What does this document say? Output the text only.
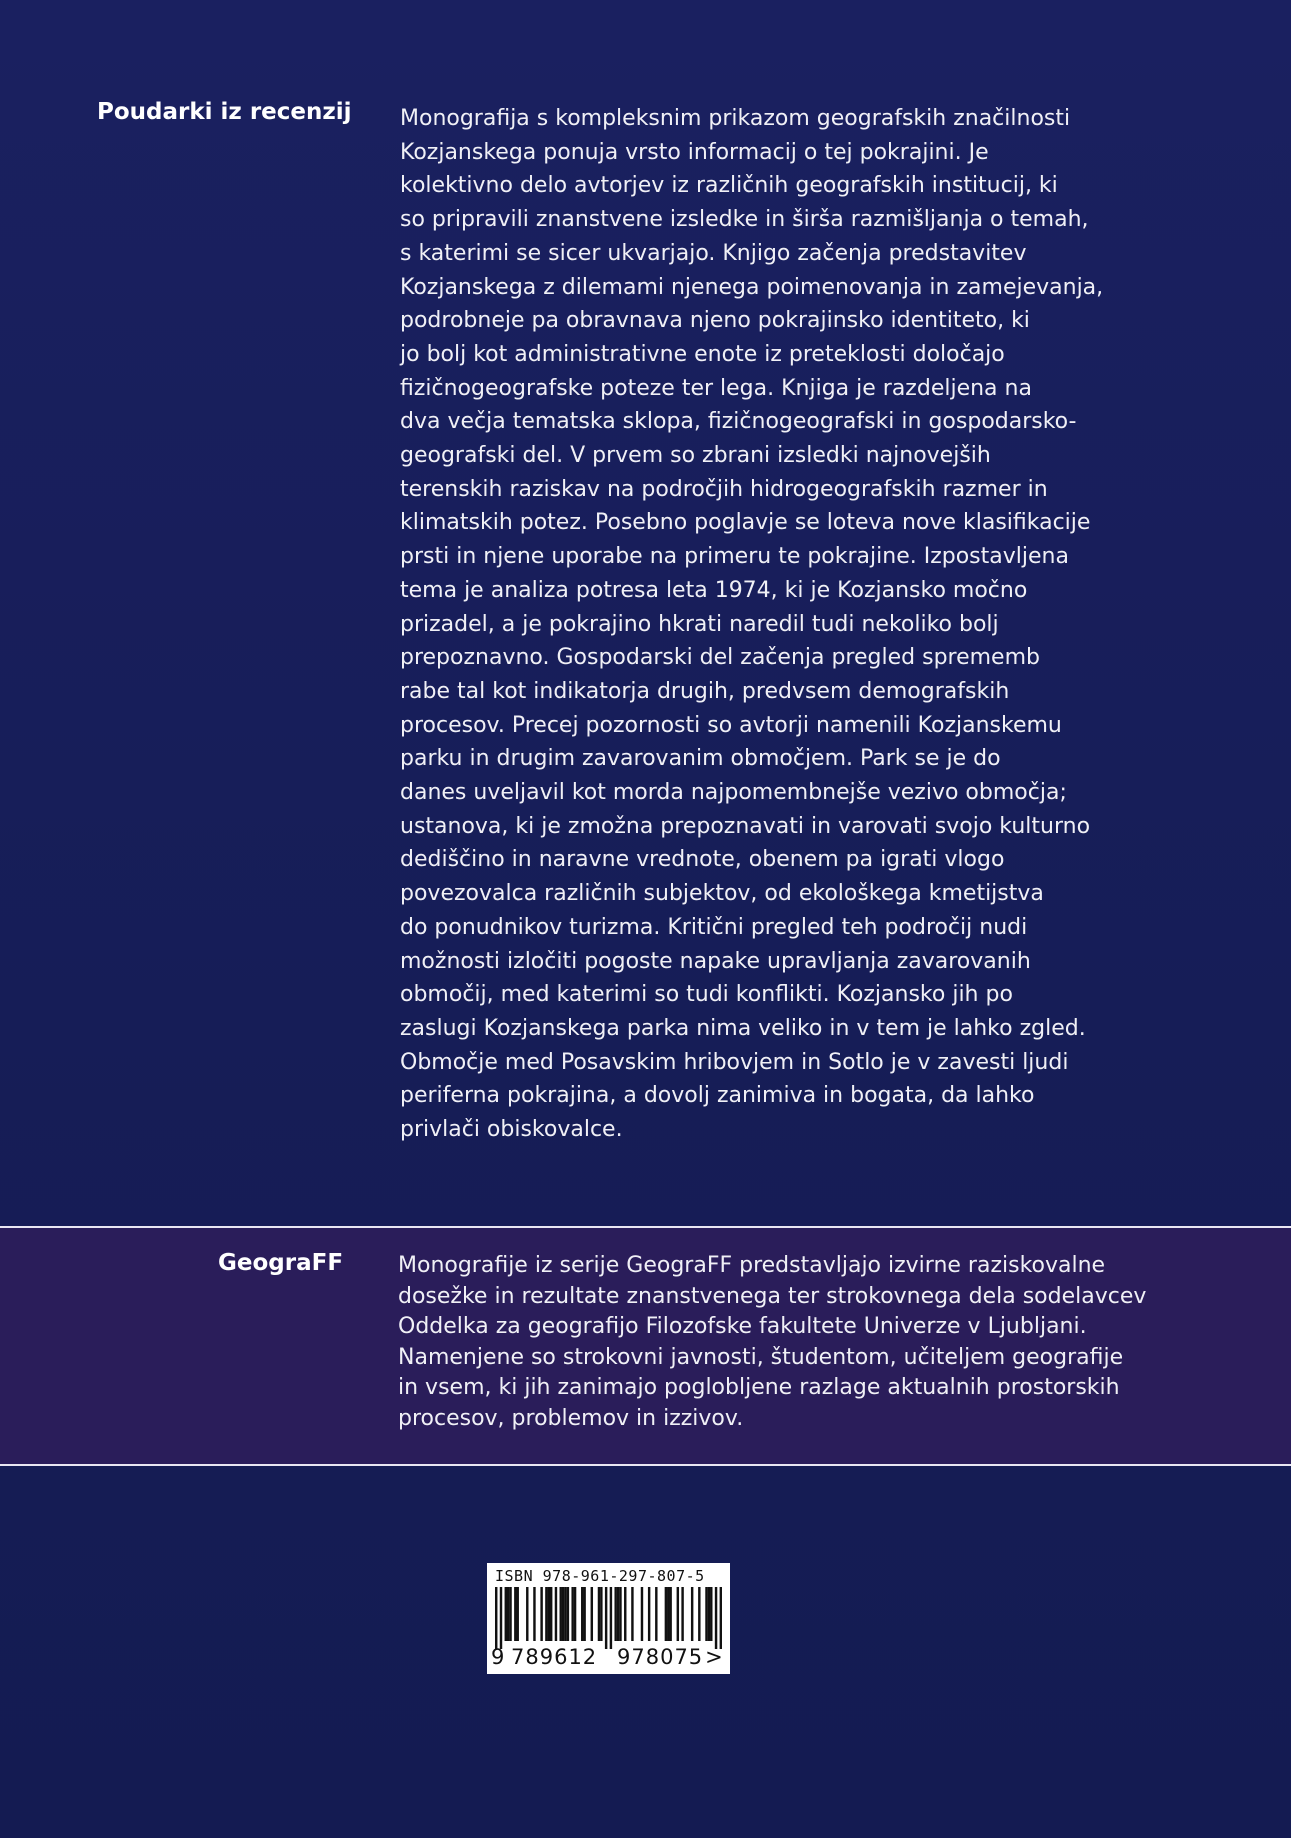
Poudarki iz recenzij Monografija s kompleksnim prikazom geografskih značilnosti
Kozjanskega ponuja vrsto informacij o tej pokrajini. Je
kolektivno delo avtorjev iz različnih geografskih institucij, ki
so pripravili znanstvene izsledke in širša razmišljanja o temah,
s katerimi se sicer ukvarjajo. Knjigo začenja predstavitev
Kozjanskega z dilemami njenega poimenovanja in zamejevanja,
podrobneje pa obravnava njeno pokrajinsko identiteto, ki
jo bolj kot administrativne enote iz preteklosti določajo
fizičnogeografske poteze ter lega. Knjiga je razdeljena na
dva večja tematska sklopa, fizičnogeografski in gospodarsko-
geografski del. V prvem so zbrani izsledki najnovejših
terenskih raziskav na področjih hidrogeografskih razmer in
klimatskih potez. Posebno poglavje se loteva nove klasifikacije
prsti in njene uporabe na primeru te pokrajine. Izpostavljena
tema je analiza potresa leta 1974, ki je Kozjansko močno
prizadel, a je pokrajino hkrati naredil tudi nekoliko bolj
prepoznavno. Gospodarski del začenja pregled sprememb
rabe tal kot indikatorja drugih, predvsem demografskih
procesov. Precej pozornosti so avtorji namenili Kozjanskemu
parku in drugim zavarovanim območjem. Park se je do
danes uveljavil kot morda najpomembnejše vezivo območja;
ustanova, ki je zmožna prepoznavati in varovati svojo kulturno
dediščino in naravne vrednote, obenem pa igrati vlogo
povezovalca različnih subjektov, od ekološkega kmetijstva
do ponudnikov turizma. Kritični pregled teh področij nudi
možnosti izločiti pogoste napake upravljanja zavarovanih
območij, med katerimi so tudi konflikti. Kozjansko jih po
zaslugi Kozjanskega parka nima veliko in v tem je lahko zgled.
Območje med Posavskim hribovjem in Sotlo je v zavesti ljudi
periferna pokrajina, a dovolj zanimiva in bogata, da lahko
privlači obiskovalce.
GeograFF	Monografije iz serije GeograFF predstavljajo izvirne raziskovalne
dosežke in rezultate znanstvenega ter strokovnega dela sodelavcev
Oddelka za geografijo Filozofske fakultete Univerze v Ljubljani.
Namenjene so strokovni javnosti, študentom, učiteljem geografije
in vsem, ki jih zanimajo poglobljene razlage aktualnih prostorskih
procesov, problemov in izzivov.
ISBN 978-961-297-807-5
9 789612 978075>
